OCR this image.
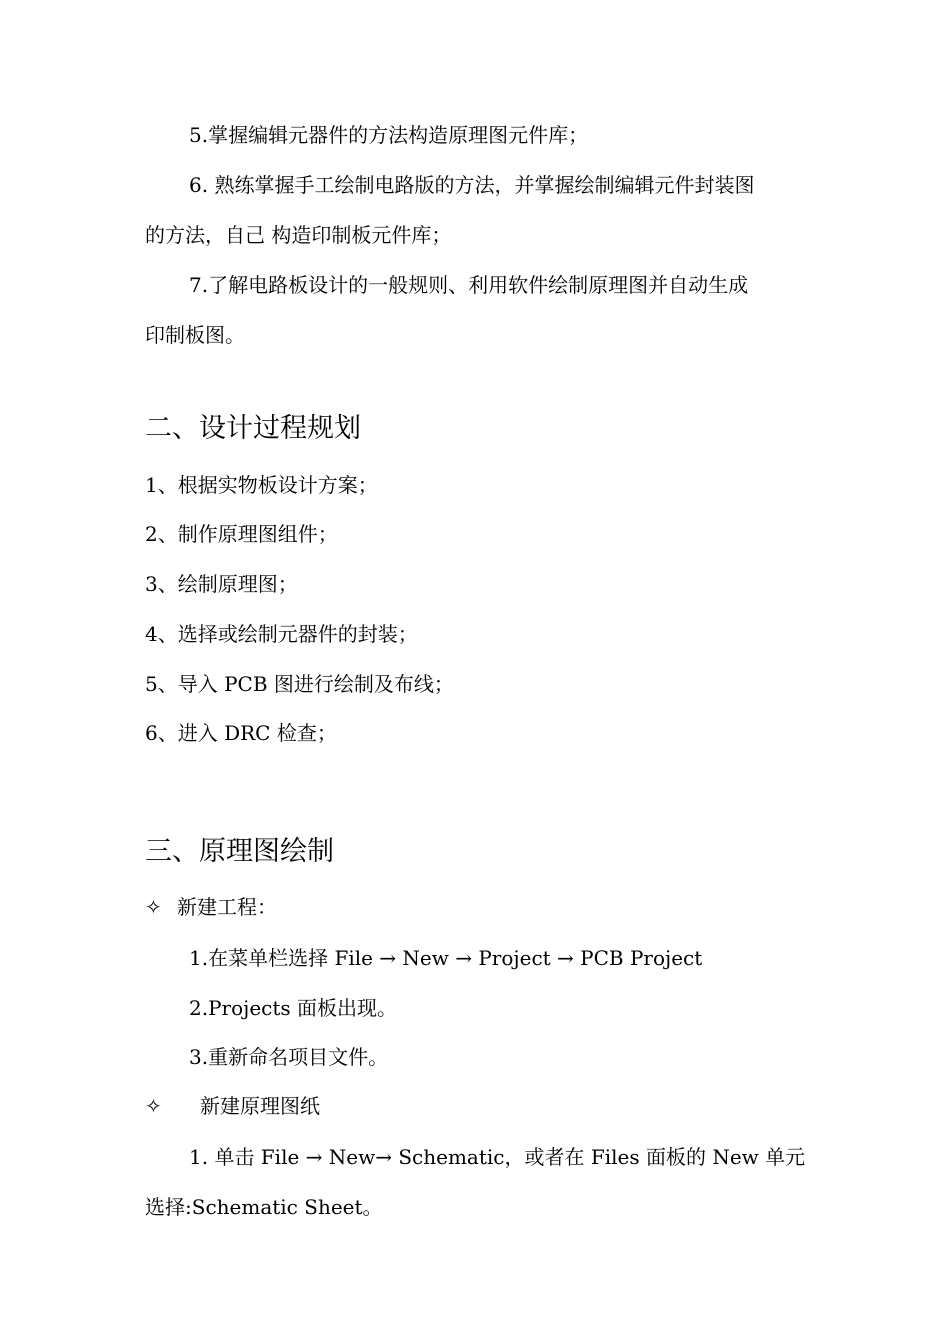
5.掌握编辑元器件的方法构造原理图元件库；
6. 熟练掌握手工绘制电路版的方法，并掌握绘制编辑元件封装图
的方法，自己 构造印制板元件库；
7.了解电路板设计的一般规则、利用软件绘制原理图并自动生成
印制板图。
二、设计过程规划
1、根据实物板设计方案；
2、制作原理图组件；
3、绘制原理图；
4、选择或绘制元器件的封装；
5、导入 PCB 图进行绘制及布线；
6、进入 DRC 检查；
三、原理图绘制
✧ 新建工程：
1.在菜单栏选择 File → New → Project → PCB Project
2.Projects 面板出现。
3.重新命名项目文件。
✧ 新建原理图纸
1. 单击 File → New→ Schematic，或者在 Files 面板的 New 单元
选择:Schematic Sheet。
